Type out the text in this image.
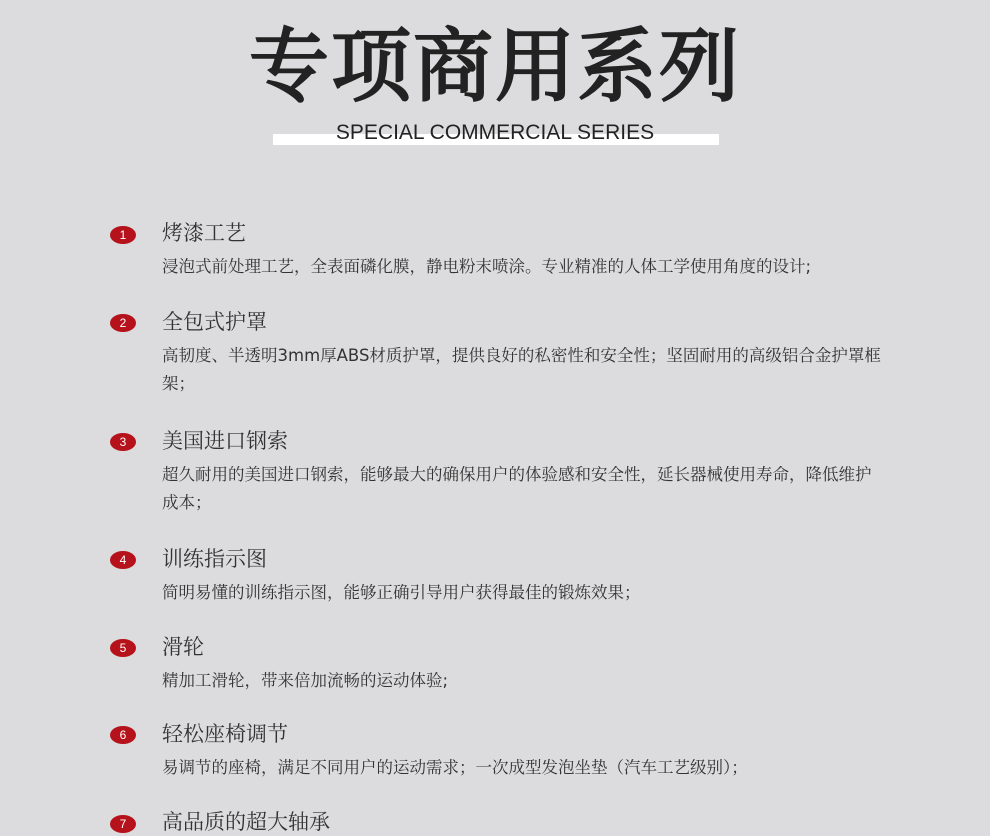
专项商用系列
SPECIAL COMMERCIAL SERIES
1	烤漆工艺
浸泡式前处理工艺，全表面磷化膜，静电粉末喷涂。专业精准的人体工学使用角度的设计;
2	全包式护罩
高韧度、半透明3mm厚ABS材质护罩，提供良好的私密性和安全性；坚固耐用的高级铝合金护罩框架；
3	美国进口钢索
超久耐用的美国进口钢索，能够最大的确保用户的体验感和安全性，延长器械使用寿命，降低维护成本；
4	训练指示图
简明易懂的训练指示图，能够正确引导用户获得最佳的锻炼效果；
5	滑轮
精加工滑轮，带来倍加流畅的运动体验;
6	轻松座椅调节
易调节的座椅，满足不同用户的运动需求；一次成型发泡坐垫（汽车工艺级别）；
7	高品质的超大轴承
